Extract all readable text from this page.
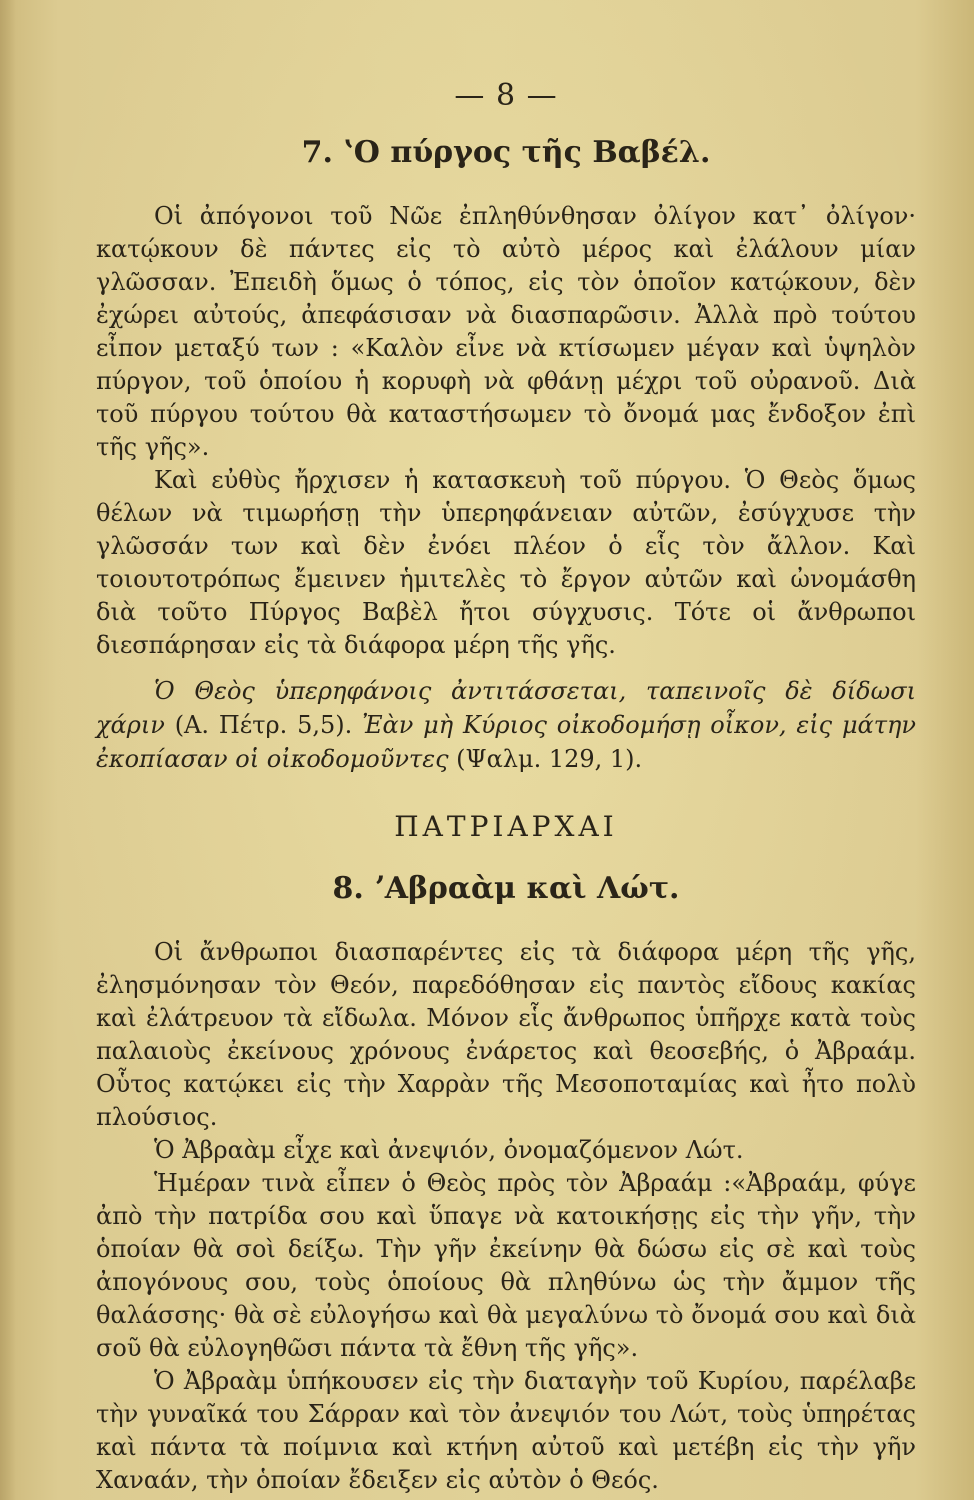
— 8 —
7. ʽΟ πύργος τῆς Βαβέλ.

Οἱ ἀπόγονοι τοῦ Νῶε ἐπληθύνθησαν ὀλίγον κατ᾽ ὀλίγον· κατῴκουν δὲ πάντες εἰς τὸ αὐτὸ μέρος καὶ ἐλάλουν μίαν γλῶσσαν. Ἐπειδὴ ὅμως ὁ τόπος, εἰς τὸν ὁποῖον κατῴκουν, δὲν ἐχώρει αὐτούς, ἀπεφάσισαν νὰ διασπαρῶσιν. Ἀλλὰ πρὸ τούτου εἶπον μεταξύ των : «Καλὸν εἶνε νὰ κτίσωμεν μέγαν καὶ ὑψηλὸν πύργον, τοῦ ὁποίου ἡ κορυφὴ νὰ φθάνῃ μέχρι τοῦ οὐρανοῦ. Διὰ τοῦ πύργου τούτου θὰ καταστήσωμεν τὸ ὄνομά μας ἔνδοξον ἐπὶ τῆς γῆς».

Καὶ εὐθὺς ἤρχισεν ἡ κατασκευὴ τοῦ πύργου. Ὁ Θεὸς ὅμως θέλων νὰ τιμωρήσῃ τὴν ὑπερηφάνειαν αὐτῶν, ἐσύγχυσε τὴν γλῶσσάν των καὶ δὲν ἐνόει πλέον ὁ εἷς τὸν ἄλλον. Καὶ τοιουτοτρόπως ἔμεινεν ἡμιτελὲς τὸ ἔργον αὐτῶν καὶ ὠνομάσθη διὰ τοῦτο Πύργος Βαβὲλ ἤτοι σύγχυσις. Τότε οἱ ἄνθρωποι διεσπάρησαν εἰς τὰ διάφορα μέρη τῆς γῆς.

Ὁ Θεὸς ὑπερηφάνοις ἀντιτάσσεται, ταπεινοῖς δὲ δίδωσι χάριν (Α. Πέτρ. 5,5). Ἐὰν μὴ Κύριος οἰκοδομήσῃ οἶκον, εἰς μάτην ἐκοπίασαν οἱ οἰκοδομοῦντες (Ψαλμ. 129, 1).

ΠΑΤΡΙΑΡΧΑΙ
8. ʼΑβραὰμ καὶ Λώτ.

Οἱ ἄνθρωποι διασπαρέντες εἰς τὰ διάφορα μέρη τῆς γῆς, ἐλησμόνησαν τὸν Θεόν, παρεδόθησαν εἰς παντὸς εἴδους κακίας καὶ ἐλάτρευον τὰ εἴδωλα. Μόνον εἷς ἄνθρωπος ὑπῆρχε κατὰ τοὺς παλαιοὺς ἐκείνους χρόνους ἐνάρετος καὶ θεοσεβής, ὁ Ἀβραάμ. Οὗτος κατῴκει εἰς τὴν Χαρρὰν τῆς Μεσοποταμίας καὶ ἦτο πολὺ πλούσιος.

Ὁ Ἀβραὰμ εἶχε καὶ ἀνεψιόν, ὀνομαζόμενον Λώτ.

Ἡμέραν τινὰ εἶπεν ὁ Θεὸς πρὸς τὸν Ἀβραάμ :«Ἀβραάμ, φύγε ἀπὸ τὴν πατρίδα σου καὶ ὕπαγε νὰ κατοικήσῃς εἰς τὴν γῆν, τὴν ὁποίαν θὰ σοὶ δείξω. Τὴν γῆν ἐκείνην θὰ δώσω εἰς σὲ καὶ τοὺς ἀπογόνους σου, τοὺς ὁποίους θὰ πληθύνω ὡς τὴν ἄμμον τῆς θαλάσσης· θὰ σὲ εὐλογήσω καὶ θὰ μεγαλύνω τὸ ὄνομά σου καὶ διὰ σοῦ θὰ εὐλογηθῶσι πάντα τὰ ἔθνη τῆς γῆς».

Ὁ Ἀβραὰμ ὑπήκουσεν εἰς τὴν διαταγὴν τοῦ Κυρίου, παρέλαβε τὴν γυναῖκά του Σάρραν καὶ τὸν ἀνεψιόν του Λώτ, τοὺς ὑπηρέτας καὶ πάντα τὰ ποίμνια καὶ κτήνη αὐτοῦ καὶ μετέβη εἰς τὴν γῆν Χαναάν, τὴν ὁποίαν ἔδειξεν εἰς αὐτὸν ὁ Θεός.
